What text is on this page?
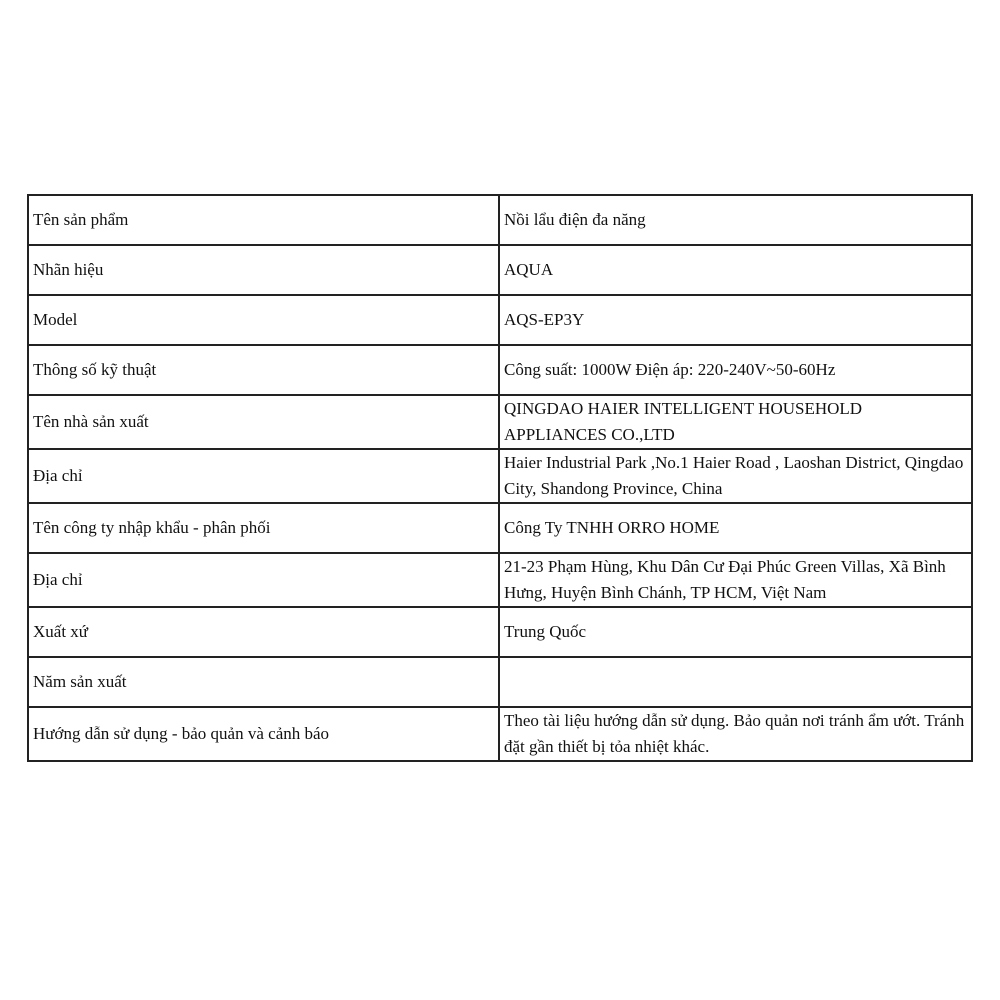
Tên sản phẩm	Nồi lẩu điện đa năng
Nhãn hiệu	AQUA
Model	AQS-EP3Y
Thông số kỹ thuật	Công suất: 1000W Điện áp: 220-240V~50-60Hz
Tên nhà sản xuất	QINGDAO HAIER INTELLIGENT HOUSEHOLD APPLIANCES CO.,LTD

Địa chỉ	Haier Industrial Park ,No.1 Haier Road , Laoshan District, Qingdao City, Shandong Province, China

Tên công ty nhập khẩu - phân phối	Công Ty TNHH ORRO HOME
Địa chỉ	21-23 Phạm Hùng, Khu Dân Cư Đại Phúc Green Villas, Xã Bình Hưng, Huyện Bình Chánh, TP HCM, Việt Nam

Xuất xứ	Trung Quốc
Năm sản xuất	
Hướng dẫn sử dụng - bảo quản và cảnh báo	Theo tài liệu hướng dẫn sử dụng. Bảo quản nơi tránh ẩm ướt. Tránh đặt gần thiết bị tỏa nhiệt khác.
